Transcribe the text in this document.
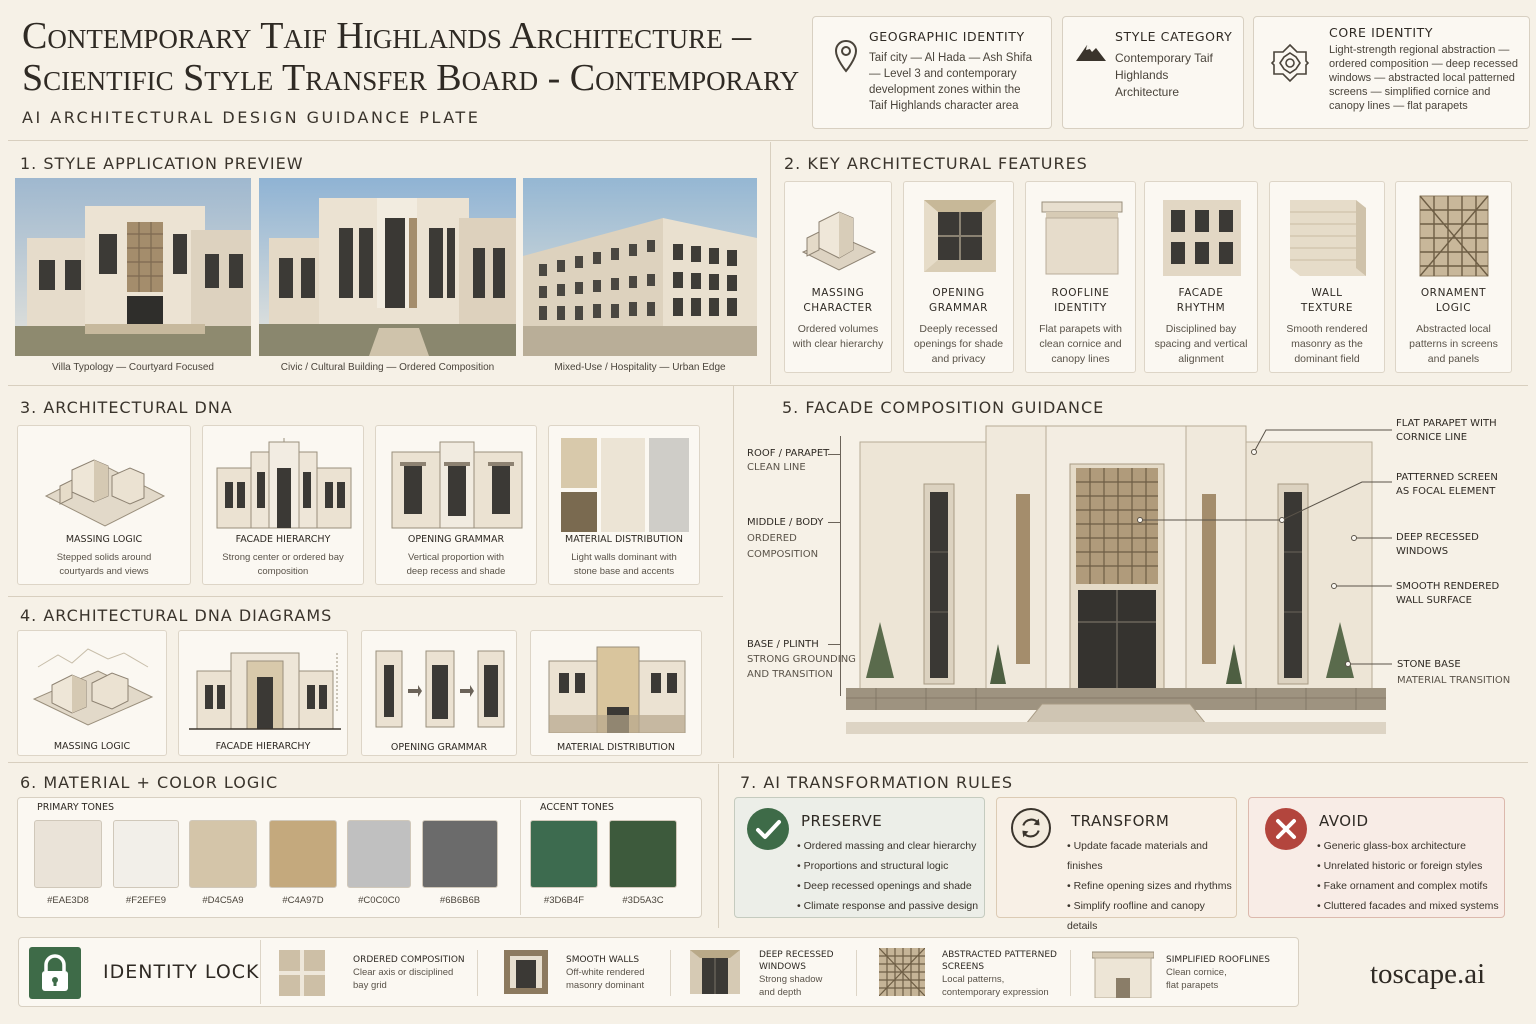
Contemporary Taif Highlands Architecture –
Scientific Style Transfer Board - Contemporary
AI ARCHITECTURAL DESIGN GUIDANCE PLATE
GEOGRAPHIC IDENTITY
Taif city — Al Hada — Ash Shifa — Level 3 and contemporary development zones within the Taif Highlands character area
STYLE CATEGORY
Contemporary Taif Highlands Architecture
CORE IDENTITY
Light-strength regional abstraction — ordered composition — deep recessed windows — abstracted local patterned screens — simplified cornice and canopy lines — flat parapets
1. STYLE APPLICATION PREVIEW
Villa Typology — Courtyard Focused	Civic / Cultural Building — Ordered Composition	Mixed-Use / Hospitality — Urban Edge
2. KEY ARCHITECTURAL FEATURES
MASSING
CHARACTER
Ordered volumes with clear hierarchy
OPENING
GRAMMAR
Deeply recessed openings for shade and privacy
ROOFLINE
IDENTITY
Flat parapets with clean cornice and canopy lines
FACADE
RHYTHM
Disciplined bay spacing and vertical alignment
WALL
TEXTURE
Smooth rendered masonry as the dominant field
ORNAMENT
LOGIC
Abstracted local patterns in screens and panels
3. ARCHITECTURAL DNA
MASSING LOGIC
Stepped solids around courtyards and views
FACADE HIERARCHY
Strong center or ordered bay composition
OPENING GRAMMAR
Vertical proportion with deep recess and shade
MATERIAL DISTRIBUTION
Light walls dominant with stone base and accents
4. ARCHITECTURAL DNA DIAGRAMS
MASSING LOGIC	FACADE HIERARCHY	OPENING GRAMMAR	MATERIAL DISTRIBUTION
5. FACADE COMPOSITION GUIDANCE
ROOF / PARAPET
CLEAN LINE
MIDDLE / BODY
ORDERED
COMPOSITION
BASE / PLINTH
STRONG GROUNDING
AND TRANSITION
FLAT PARAPET WITH
CORNICE LINE
PATTERNED SCREEN
AS FOCAL ELEMENT
DEEP RECESSED
WINDOWS
SMOOTH RENDERED
WALL SURFACE
STONE BASE
MATERIAL TRANSITION
6. MATERIAL + COLOR LOGIC
PRIMARY TONES	ACCENT TONES
#EAE3D8	#F2EFE9	#D4C5A9	#C4A97D	#C0C0C0	#6B6B6B	#3D6B4F	#3D5A3C
7. AI TRANSFORMATION RULES
PRESERVE
• Ordered massing and clear hierarchy
• Proportions and structural logic
• Deep recessed openings and shade
• Climate response and passive design
TRANSFORM
• Update facade materials and finishes
• Refine opening sizes and rhythms
• Simplify roofline and canopy details
•
AVOID
• Generic glass-box architecture
• Unrelated historic or foreign styles
• Fake ornament and complex motifs
• Cluttered facades and mixed systems
IDENTITY LOCK
ORDERED COMPOSITION
Clear axis or disciplined
bay grid
SMOOTH WALLS
Off-white rendered
masonry dominant
DEEP RECESSED
WINDOWS
Strong shadow
and depth
ABSTRACTED PATTERNED
SCREENS
Local patterns,
contemporary expression
SIMPLIFIED ROOFLINES
Clean cornice,
flat parapets	toscape.ai
